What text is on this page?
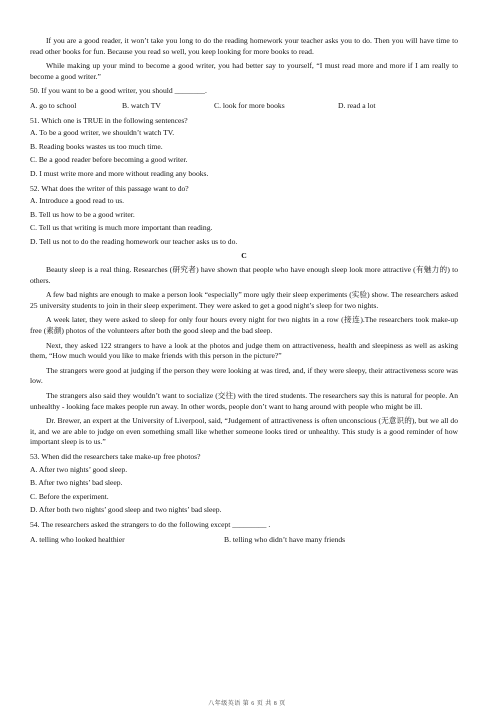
If you are a good reader, it won’t take you long to do the reading homework your teacher asks you to do. Then you will have time to read other books for fun. Because you read so well, you keep looking for more books to read.

While making up your mind to become a good writer, you had better say to yourself, “I must read more and more if I am really to become a good writer.”

50. If you want to be a good writer, you should ________.
A. go to school	B. watch TV	C. look for more books	D. read a lot
51. Which one is TRUE in the following sentences?
A. To be a good writer, we shouldn’t watch TV.
B. Reading books wastes us too much time.
C. Be a good reader before becoming a good writer.
D. I must write more and more without reading any books.
52. What does the writer of this passage want to do?
A. Introduce a good read to us.
B. Tell us how to be a good writer.
C. Tell us that writing is much more important than reading.
D. Tell us not to do the reading homework our teacher asks us to do.
C

Beauty sleep is a real thing. Researches (研究者) have shown that people who have enough sleep look more attractive (有魅力的) to others.

A few bad nights are enough to make a person look “especially” more ugly their sleep experiments (实验) show. The researchers asked 25 university students to join in their sleep experiment. They were asked to get a good night’s sleep for two nights.

A week later, they were asked to sleep for only four hours every night for two nights in a row (接连).The researchers took make-up free (素颜) photos of the volunteers after both the good sleep and the bad sleep.

Next, they asked 122 strangers to have a look at the photos and judge them on attractiveness, health and sleepiness as well as asking them, “How much would you like to make friends with this person in the picture?”

The strangers were good at judging if the person they were looking at was tired, and, if they were sleepy, their attractiveness score was low.

The strangers also said they wouldn’t want to socialize (交往) with the tired students. The researchers say this is natural for people. An unhealthy - looking face makes people run away. In other words, people don’t want to hang around with people who might be ill.

Dr. Brewer, an expert at the University of Liverpool, said, “Judgement of attractiveness is often unconscious (无意识的), but we all do it, and we are able to judge on even something small like whether someone looks tired or unhealthy. This study is a good reminder of how important sleep is to us.”

53. When did the researchers take make-up free photos?
A. After two nights’ good sleep.
B. After two nights’ bad sleep.
C. Before the experiment.
D. After both two nights’ good sleep and two nights’ bad sleep.
54. The researchers asked the strangers to do the following except _________ .
A. telling who looked healthier	B. telling who didn’t have many friends
八年级英语 第 6 页 共 8 页
